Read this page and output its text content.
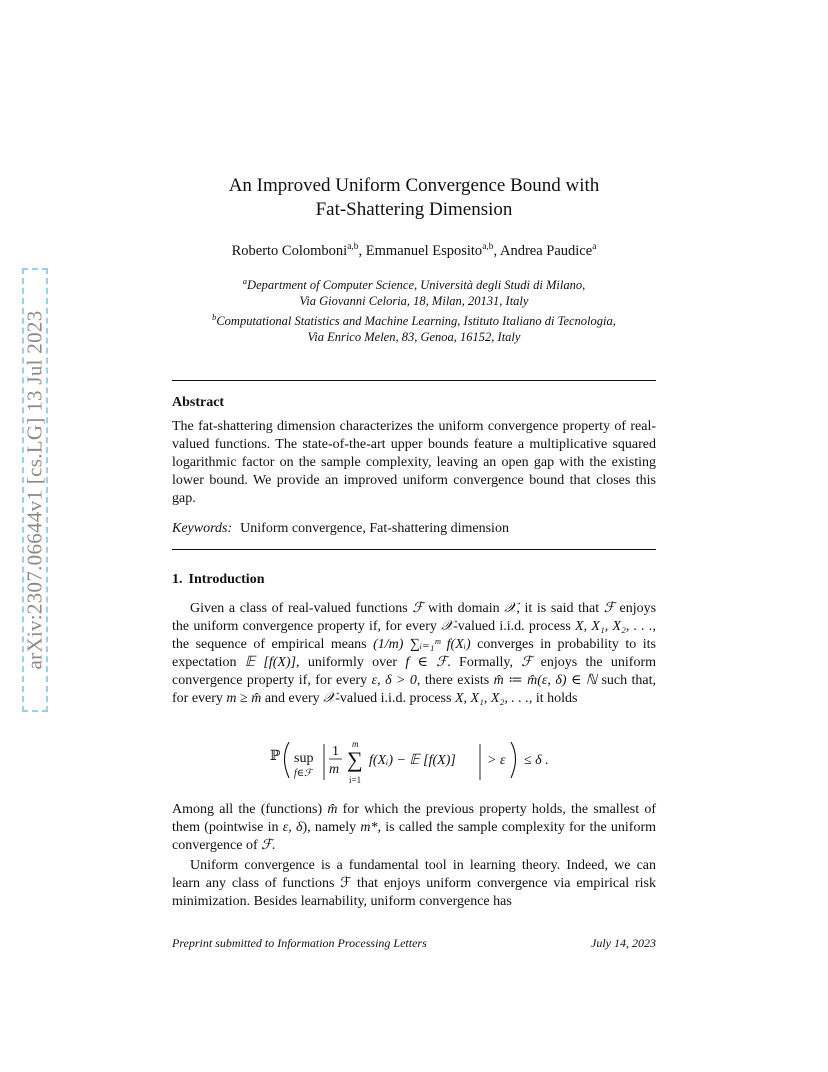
arXiv:2307.06644v1 [cs.LG] 13 Jul 2023
An Improved Uniform Convergence Bound with
Fat-Shattering Dimension
Roberto Colomboni$^{a,b}$, Emmanuel Esposito$^{a,b}$, Andrea Paudice$^a$
$^a$Department of Computer Science, Università degli Studi di Milano,
Via Giovanni Celoria, 18, Milan, 20131, Italy
$^b$Computational Statistics and Machine Learning, Istituto Italiano di Tecnologia,
Via Enrico Melen, 83, Genoa, 16152, Italy
Abstract
The fat-shattering dimension characterizes the uniform convergence property of real-valued functions. The state-of-the-art upper bounds feature a multiplicative squared logarithmic factor on the sample complexity, leaving an open gap with the existing lower bound. We provide an improved uniform convergence bound that closes this gap.
Keywords: Uniform convergence, Fat-shattering dimension
1. Introduction
Given a class of real-valued functions ℱ with domain 𝒳, it is said that ℱ enjoys the uniform convergence property if, for every 𝒳-valued i.i.d. process X, X₁, X₂, . . ., the sequence of empirical means (1/m) ∑ᵢ₌₁ᵐ f(Xᵢ) converges in probability to its expectation 𝔼 [f(X)], uniformly over f ∈ ℱ. Formally, ℱ enjoys the uniform convergence property if, for every ε, δ > 0, there exists m̂ ≔ m̂(ε, δ) ∈ ℕ such that, for every m ≥ m̂ and every 𝒳-valued i.i.d. process X, X₁, X₂, . . ., it holds
ℙ sup
f∈ℱ
1
m
m
∑
i=1
f(Xᵢ) − 𝔼 [f(X)] > ε ≤ δ .
Among all the (functions) m̂ for which the previous property holds, the smallest of them (pointwise in ε, δ), namely m*, is called the sample complexity for the uniform convergence of ℱ.
Uniform convergence is a fundamental tool in learning theory. Indeed, we can learn any class of functions ℱ that enjoys uniform convergence via empirical risk minimization. Besides learnability, uniform convergence has
Preprint submitted to Information Processing Letters	July 14, 2023
